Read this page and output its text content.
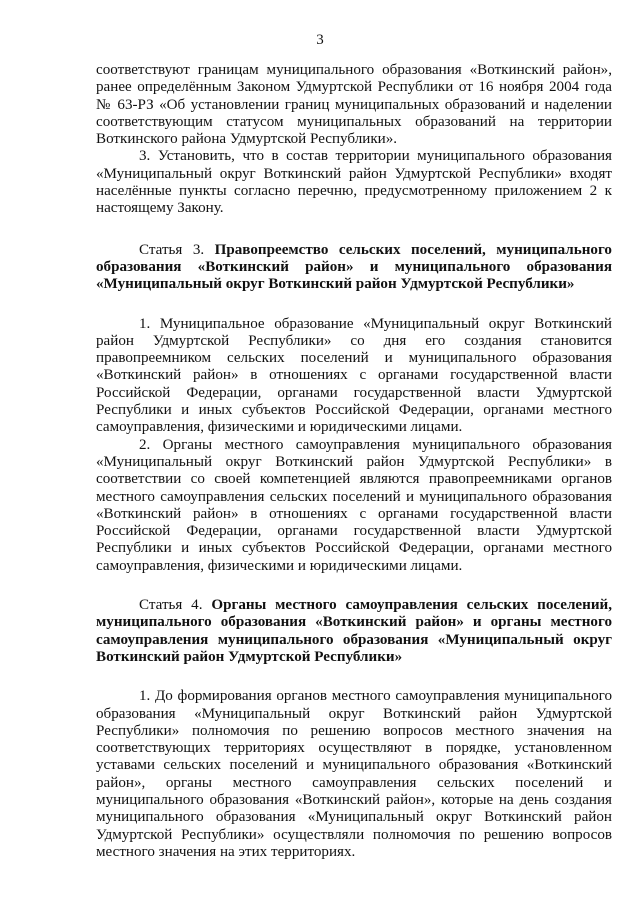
3

соответствуют границам муниципального образования «Воткинский район», ранее определённым Законом Удмуртской Республики от 16 ноября 2004 года № 63-РЗ «Об установлении границ муниципальных образований и наделении соответствующим статусом муниципальных образований на территории Воткинского района Удмуртской Республики».

3. Установить, что в состав территории муниципального образования «Муниципальный округ Воткинский район Удмуртской Республики» входят населённые пункты согласно перечню, предусмотренному приложением 2 к настоящему Закону.

Статья 3. Правопреемство сельских поселений, муниципального образования «Воткинский район» и муниципального образования «Муниципальный округ Воткинский район Удмуртской Республики»

1. Муниципальное образование «Муниципальный округ Воткинский район Удмуртской Республики» со дня его создания становится правопреемником сельских поселений и муниципального образования «Воткинский район» в отношениях с органами государственной власти Российской Федерации, органами государственной власти Удмуртской Республики и иных субъектов Российской Федерации, органами местного самоуправления, физическими и юридическими лицами.

2. Органы местного самоуправления муниципального образования «Муниципальный округ Воткинский район Удмуртской Республики» в соответствии со своей компетенцией являются правопреемниками органов местного самоуправления сельских поселений и муниципального образования «Воткинский район» в отношениях с органами государственной власти Российской Федерации, органами государственной власти Удмуртской Республики и иных субъектов Российской Федерации, органами местного самоуправления, физическими и юридическими лицами.

Статья 4. Органы местного самоуправления сельских поселений, муниципального образования «Воткинский район» и органы местного самоуправления муниципального образования «Муниципальный округ Воткинский район Удмуртской Республики»

1. До формирования органов местного самоуправления муниципального образования «Муниципальный округ Воткинский район Удмуртской Республики» полномочия по решению вопросов местного значения на соответствующих территориях осуществляют в порядке, установленном уставами сельских поселений и муниципального образования «Воткинский район», органы местного самоуправления сельских поселений и муниципального образования «Воткинский район», которые на день создания муниципального образования «Муниципальный округ Воткинский район Удмуртской Республики» осуществляли полномочия по решению вопросов местного значения на этих территориях.
